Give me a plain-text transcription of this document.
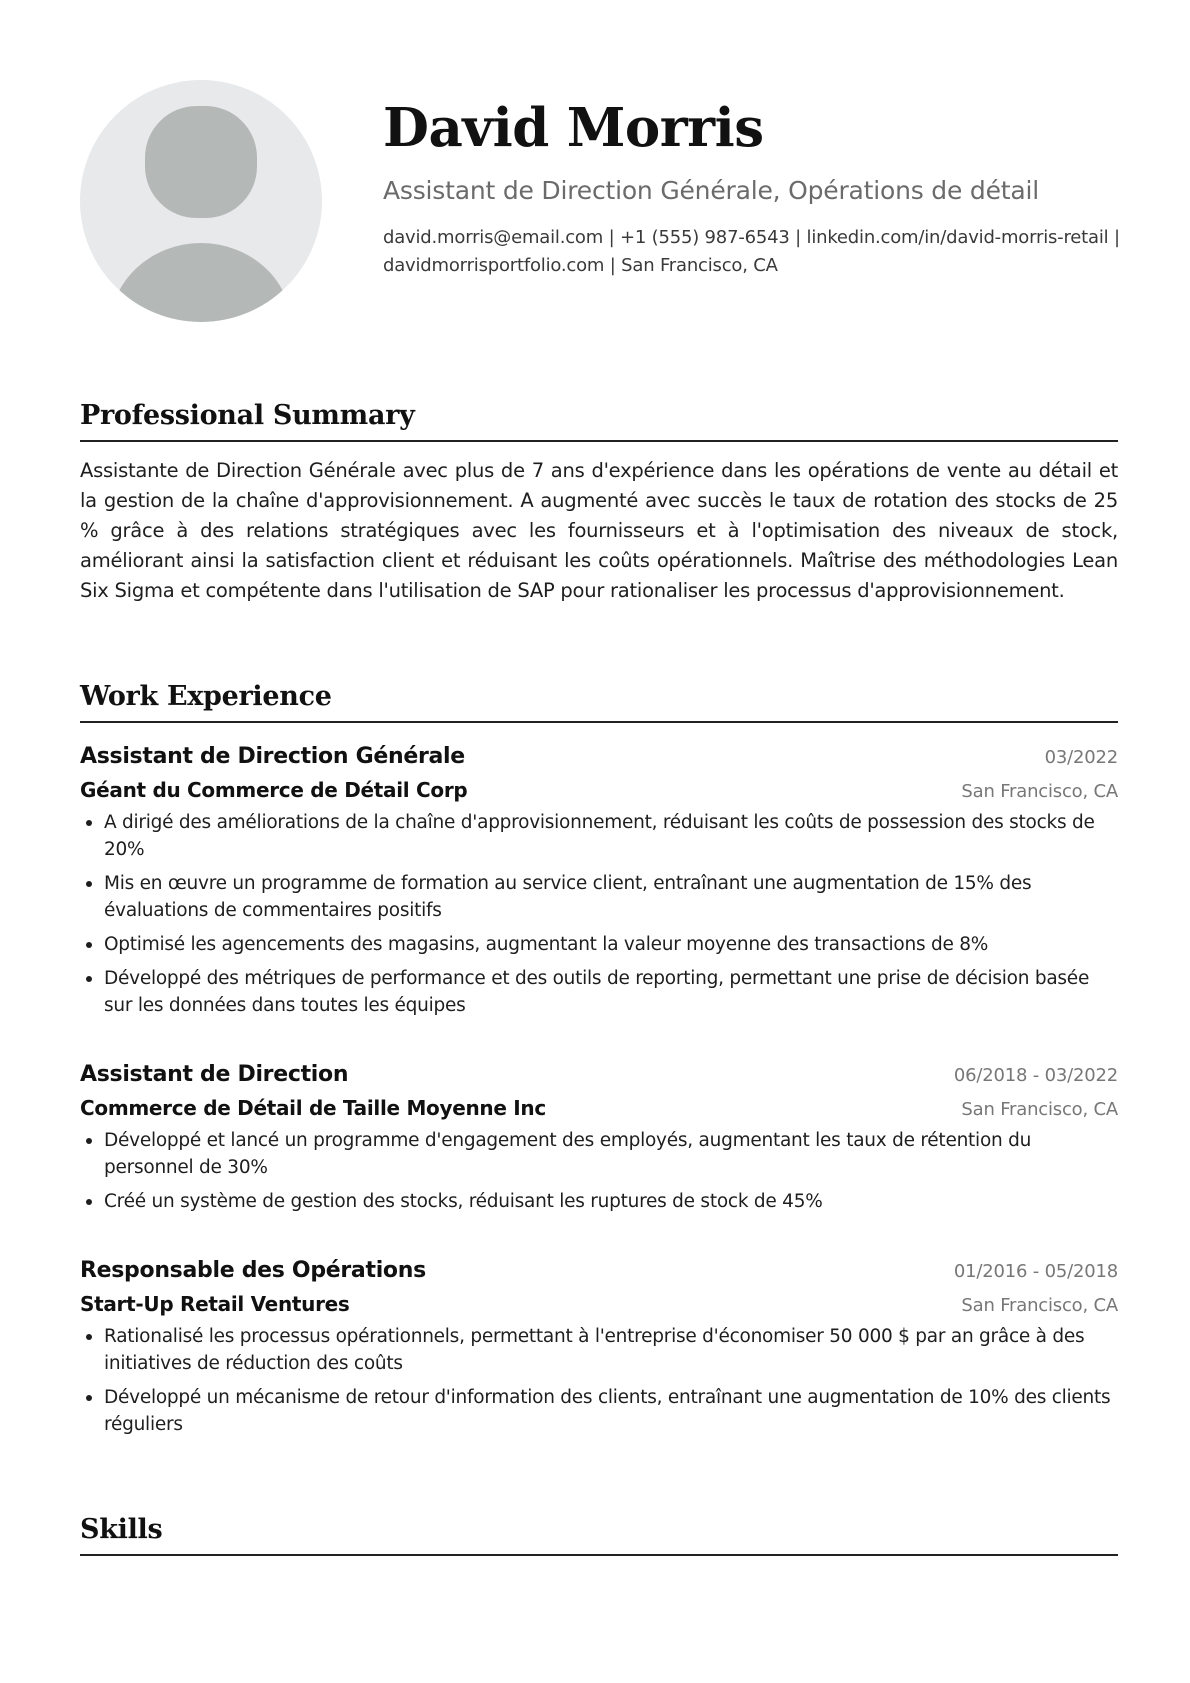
David Morris
Assistant de Direction Générale, Opérations de détail
david.morris@email.com | +1 (555) 987-6543 | linkedin.com/in/david-morris-retail | davidmorrisportfolio.com | San Francisco, CA
Professional Summary
Assistante de Direction Générale avec plus de 7 ans d'expérience dans les opérations de vente au détail et la gestion de la chaîne d'approvisionnement. A augmenté avec succès le taux de rotation des stocks de 25 % grâce à des relations stratégiques avec les fournisseurs et à l'optimisation des niveaux de stock, améliorant ainsi la satisfaction client et réduisant les coûts opérationnels. Maîtrise des méthodologies Lean Six Sigma et compétente dans l'utilisation de SAP pour rationaliser les processus d'approvisionnement.
Work Experience
Assistant de Direction Générale	03/2022
Géant du Commerce de Détail Corp	San Francisco, CA
A dirigé des améliorations de la chaîne d'approvisionnement, réduisant les coûts de possession des stocks de 20%
Mis en œuvre un programme de formation au service client, entraînant une augmentation de 15% des évaluations de commentaires positifs
Optimisé les agencements des magasins, augmentant la valeur moyenne des transactions de 8%
Développé des métriques de performance et des outils de reporting, permettant une prise de décision basée sur les données dans toutes les équipes
Assistant de Direction	06/2018 - 03/2022
Commerce de Détail de Taille Moyenne Inc	San Francisco, CA
Développé et lancé un programme d'engagement des employés, augmentant les taux de rétention du personnel de 30%
Créé un système de gestion des stocks, réduisant les ruptures de stock de 45%
Responsable des Opérations	01/2016 - 05/2018
Start-Up Retail Ventures	San Francisco, CA
Rationalisé les processus opérationnels, permettant à l'entreprise d'économiser 50 000 $ par an grâce à des initiatives de réduction des coûts
Développé un mécanisme de retour d'information des clients, entraînant une augmentation de 10% des clients réguliers
Skills
